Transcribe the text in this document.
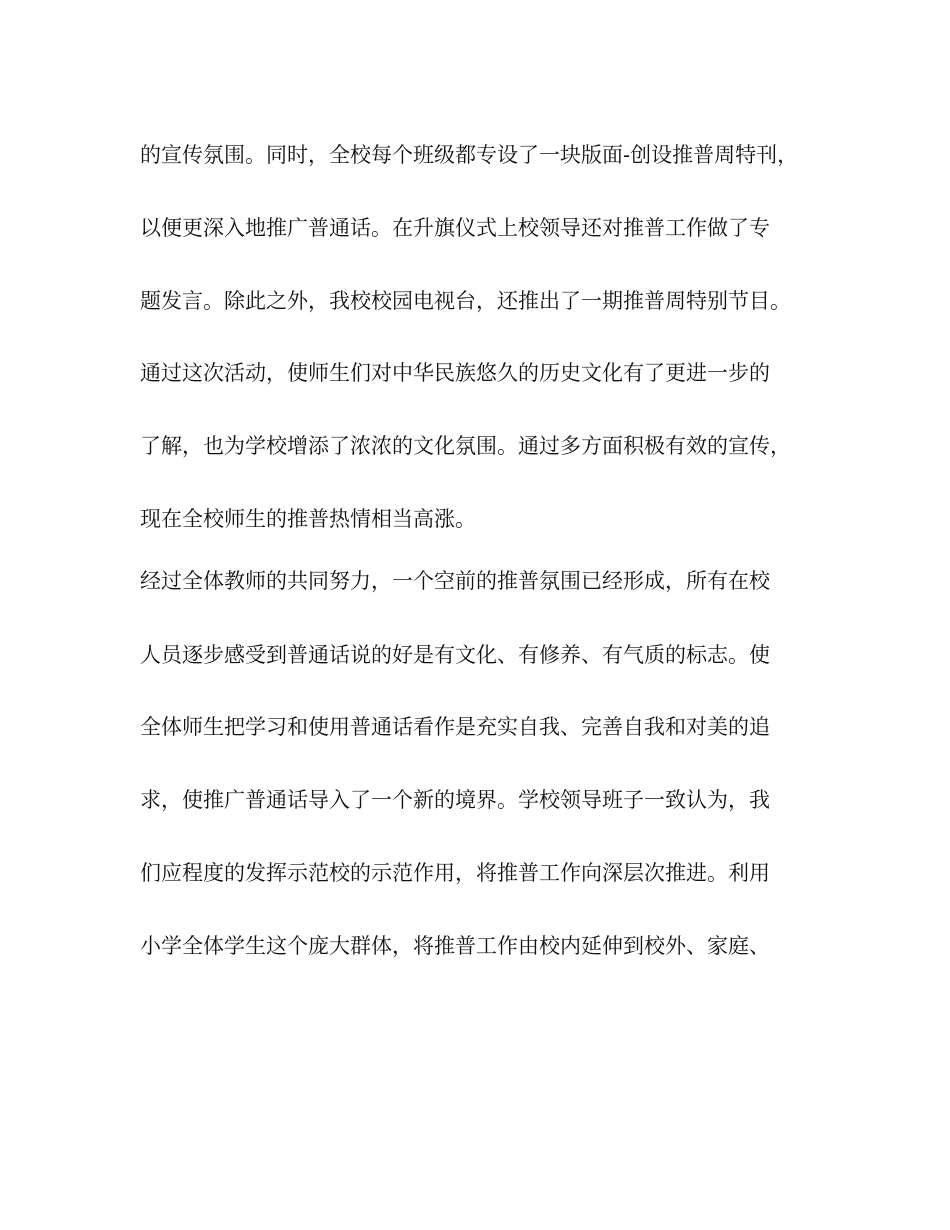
的宣传氛围。同时，全校每个班级都专设了一块版面-创设推普周特刊，

以便更深入地推广普通话。在升旗仪式上校领导还对推普工作做了专

题发言。除此之外，我校校园电视台，还推出了一期推普周特别节目。

通过这次活动，使师生们对中华民族悠久的历史文化有了更进一步的

了解，也为学校增添了浓浓的文化氛围。通过多方面积极有效的宣传，

现在全校师生的推普热情相当高涨。

经过全体教师的共同努力，一个空前的推普氛围已经形成，所有在校

人员逐步感受到普通话说的好是有文化、有修养、有气质的标志。使

全体师生把学习和使用普通话看作是充实自我、完善自我和对美的追

求，使推广普通话导入了一个新的境界。学校领导班子一致认为，我

们应程度的发挥示范校的示范作用，将推普工作向深层次推进。利用

小学全体学生这个庞大群体，将推普工作由校内延伸到校外、家庭、
